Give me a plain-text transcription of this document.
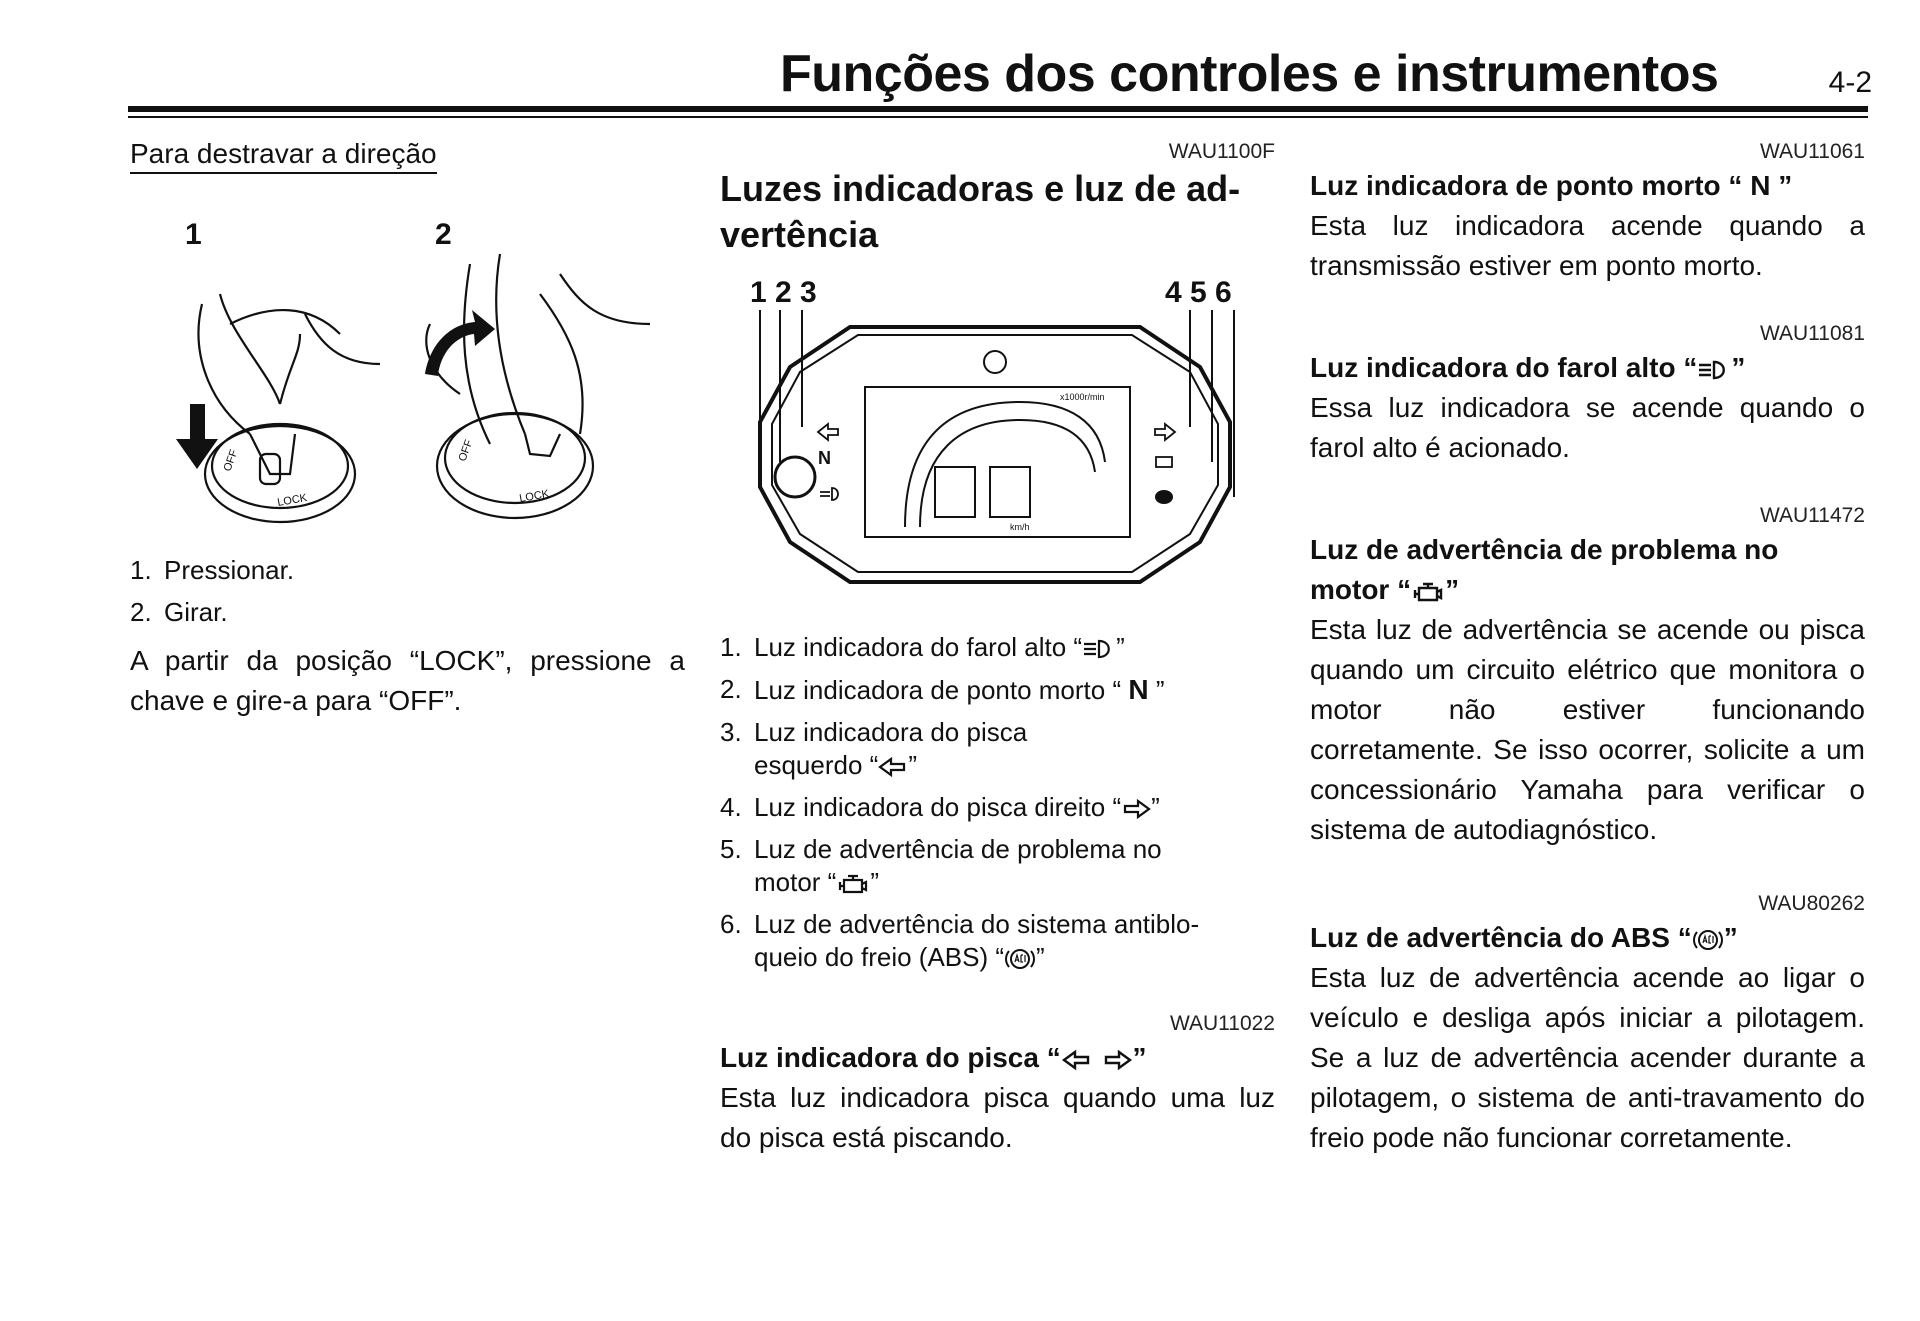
Funções dos controles e instrumentos	4-2
Para destravar a direção
1	2
OFF
LOCK
OFF
LOCK
1. Pressionar.
2. Girar.

A partir da posição “LOCK”, pressione a chave e gire-a para “OFF”.

WAU1100F
Luzes indicadoras e luz de ad-
vertência
1 2 3	4 5 6
N
x1000r/min
km/h
1. Luz indicadora do farol alto “ ”
2. Luz indicadora de ponto morto “ N ”
3. Luz indicadora do pisca
esquerdo “ ”
4. Luz indicadora do pisca direito “ ”
5. Luz de advertência de problema no
motor “ ”
6. Luz de advertência do sistema antiblo-
queio do freio (ABS) “ ”
WAU11022
Luz indicadora do pisca “	”

Esta luz indicadora pisca quando uma luz do pisca está piscando.

WAU11061
Luz indicadora de ponto morto “ N ”

Esta luz indicadora acende quando a transmissão estiver em ponto morto.

WAU11081
Luz indicadora do farol alto “ ”

Essa luz indicadora se acende quando o farol alto é acionado.

WAU11472
Luz de advertência de problema no
motor “ ”

Esta luz de advertência se acende ou pisca quando um circuito elétrico que monitora o motor não estiver funcionando corretamente. Se isso ocorrer, solicite a um concessionário Yamaha para verificar o sistema de autodiagnóstico.

WAU80262
Luz de advertência do ABS “ ”

Esta luz de advertência acende ao ligar o veículo e desliga após iniciar a pilotagem. Se a luz de advertência acender durante a pilotagem, o sistema de anti-travamento do freio pode não funcionar corretamente.
